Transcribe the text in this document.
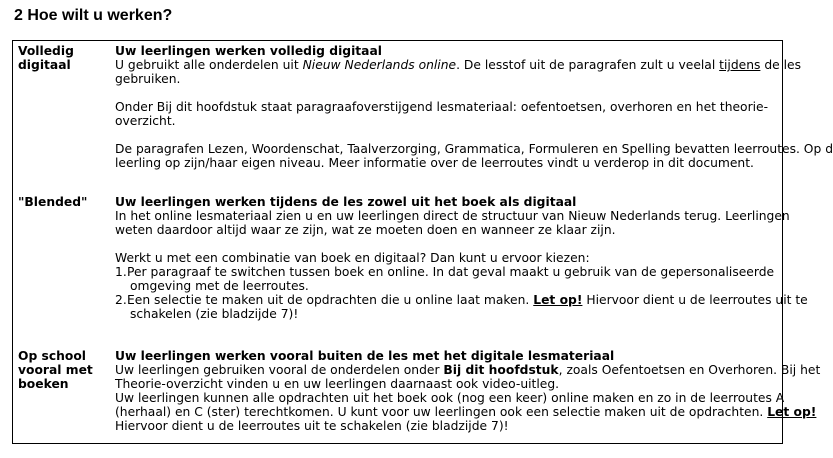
2 Hoe wilt u werken?
Volledig digitaal

Uw leerlingen werken volledig digitaal

U gebruikt alle onderdelen uit Nieuw Nederlands online. De lesstof uit de paragrafen zult u veelal tijdens de les

gebruiken.

Onder Bij dit hoofdstuk staat paragraafoverstijgend lesmateriaal: oefentoetsen, overhoren en het theorie-

overzicht.

De paragrafen Lezen, Woordenschat, Taalverzorging, Grammatica, Formuleren en Spelling bevatten leerroutes. Op d

leerling op zijn/haar eigen niveau. Meer informatie over de leerroutes vindt u verderop in dit document.

"Blended"	Uw leerlingen werken tijdens de les zowel uit het boek als digitaal

In het online lesmateriaal zien u en uw leerlingen direct de structuur van Nieuw Nederlands terug. Leerlingen

weten daardoor altijd waar ze zijn, wat ze moeten doen en wanneer ze klaar zijn.

Werkt u met een combinatie van boek en digitaal? Dan kunt u ervoor kiezen:

1. Per paragraaf te switchen tussen boek en online. In dat geval maakt u gebruik van de gepersonaliseerde

omgeving met de leerroutes.

2. Een selectie te maken uit de opdrachten die u online laat maken. Let op! Hiervoor dient u de leerroutes uit te

schakelen (zie bladzijde 7)!

Op school vooral met boeken

Uw leerlingen werken vooral buiten de les met het digitale lesmateriaal

Uw leerlingen gebruiken vooral de onderdelen onder Bij dit hoofdstuk, zoals Oefentoetsen en Overhoren. Bij het

Theorie-overzicht vinden u en uw leerlingen daarnaast ook video-uitleg.

Uw leerlingen kunnen alle opdrachten uit het boek ook (nog een keer) online maken en zo in de leerroutes A

(herhaal) en C (ster) terechtkomen. U kunt voor uw leerlingen ook een selectie maken uit de opdrachten. Let op!

Hiervoor dient u de leerroutes uit te schakelen (zie bladzijde 7)!
